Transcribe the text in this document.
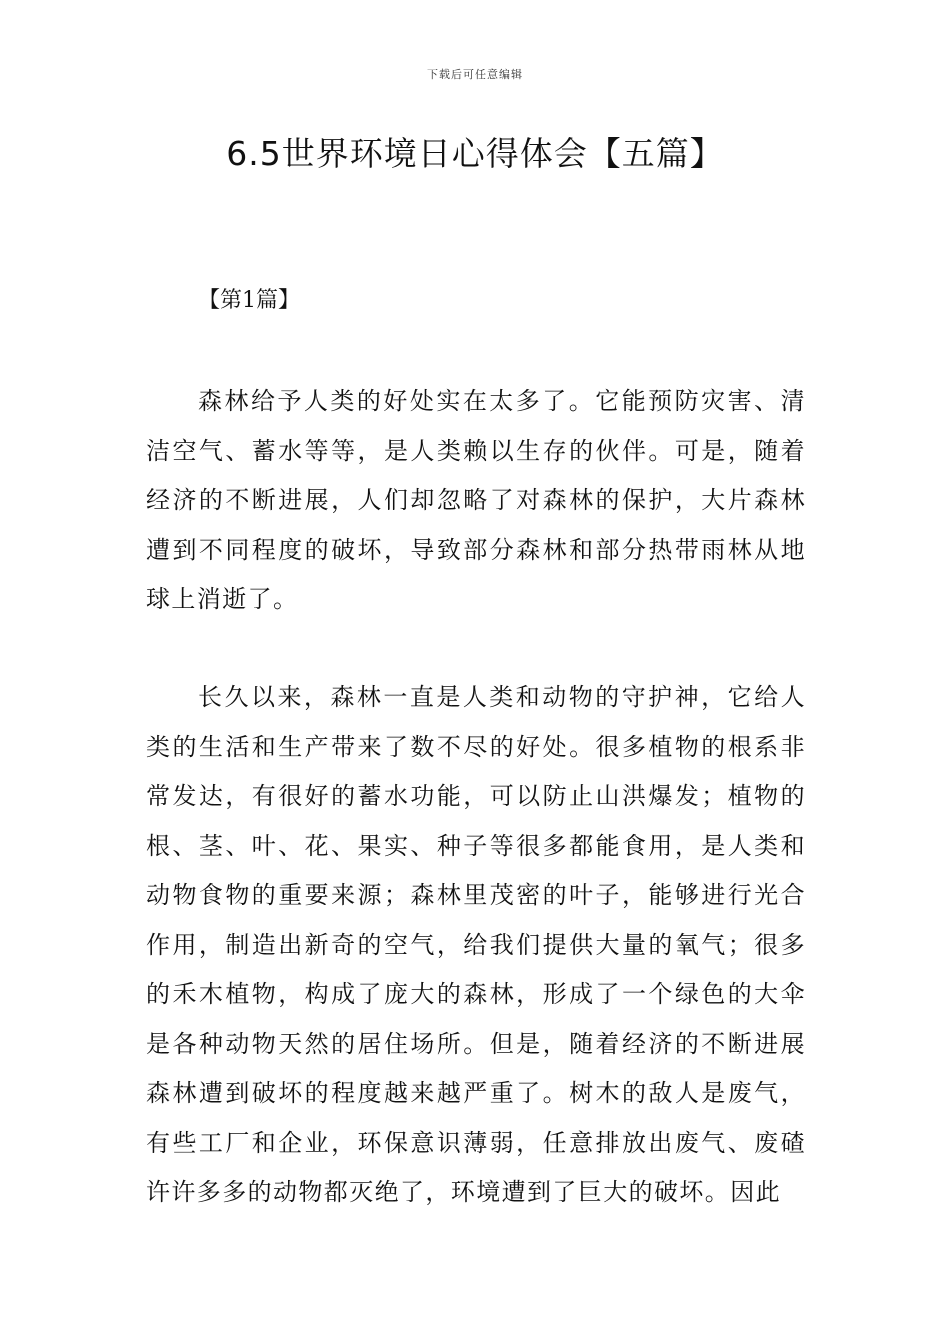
下载后可任意编辑
6.5世界环境日心得体会【五篇】
【第1篇】

森林给予人类的好处实在太多了。它能预防灾害、清洁空气、蓄水等等，是人类赖以生存的伙伴。可是，随着经济的不断进展，人们却忽略了对森林的保护，大片森林遭到不同程度的破坏，导致部分森林和部分热带雨林从地球上消逝了。

长久以来，森林一直是人类和动物的守护神，它给人类的生活和生产带来了数不尽的好处。很多植物的根系非常发达，有很好的蓄水功能，可以防止山洪爆发；植物的根、茎、叶、花、果实、种子等很多都能食用，是人类和动物食物的重要来源；森林里茂密的叶子，能够进行光合作用，制造出新奇的空气，给我们提供大量的氧气；很多的禾木植物，构成了庞大的森林，形成了一个绿色的大伞是各种动物天然的居住场所。但是，随着经济的不断进展森林遭到破坏的程度越来越严重了。树木的敌人是废气，有些工厂和企业，环保意识薄弱，任意排放出废气、废碴许许多多的动物都灭绝了，环境遭到了巨大的破坏。因此
